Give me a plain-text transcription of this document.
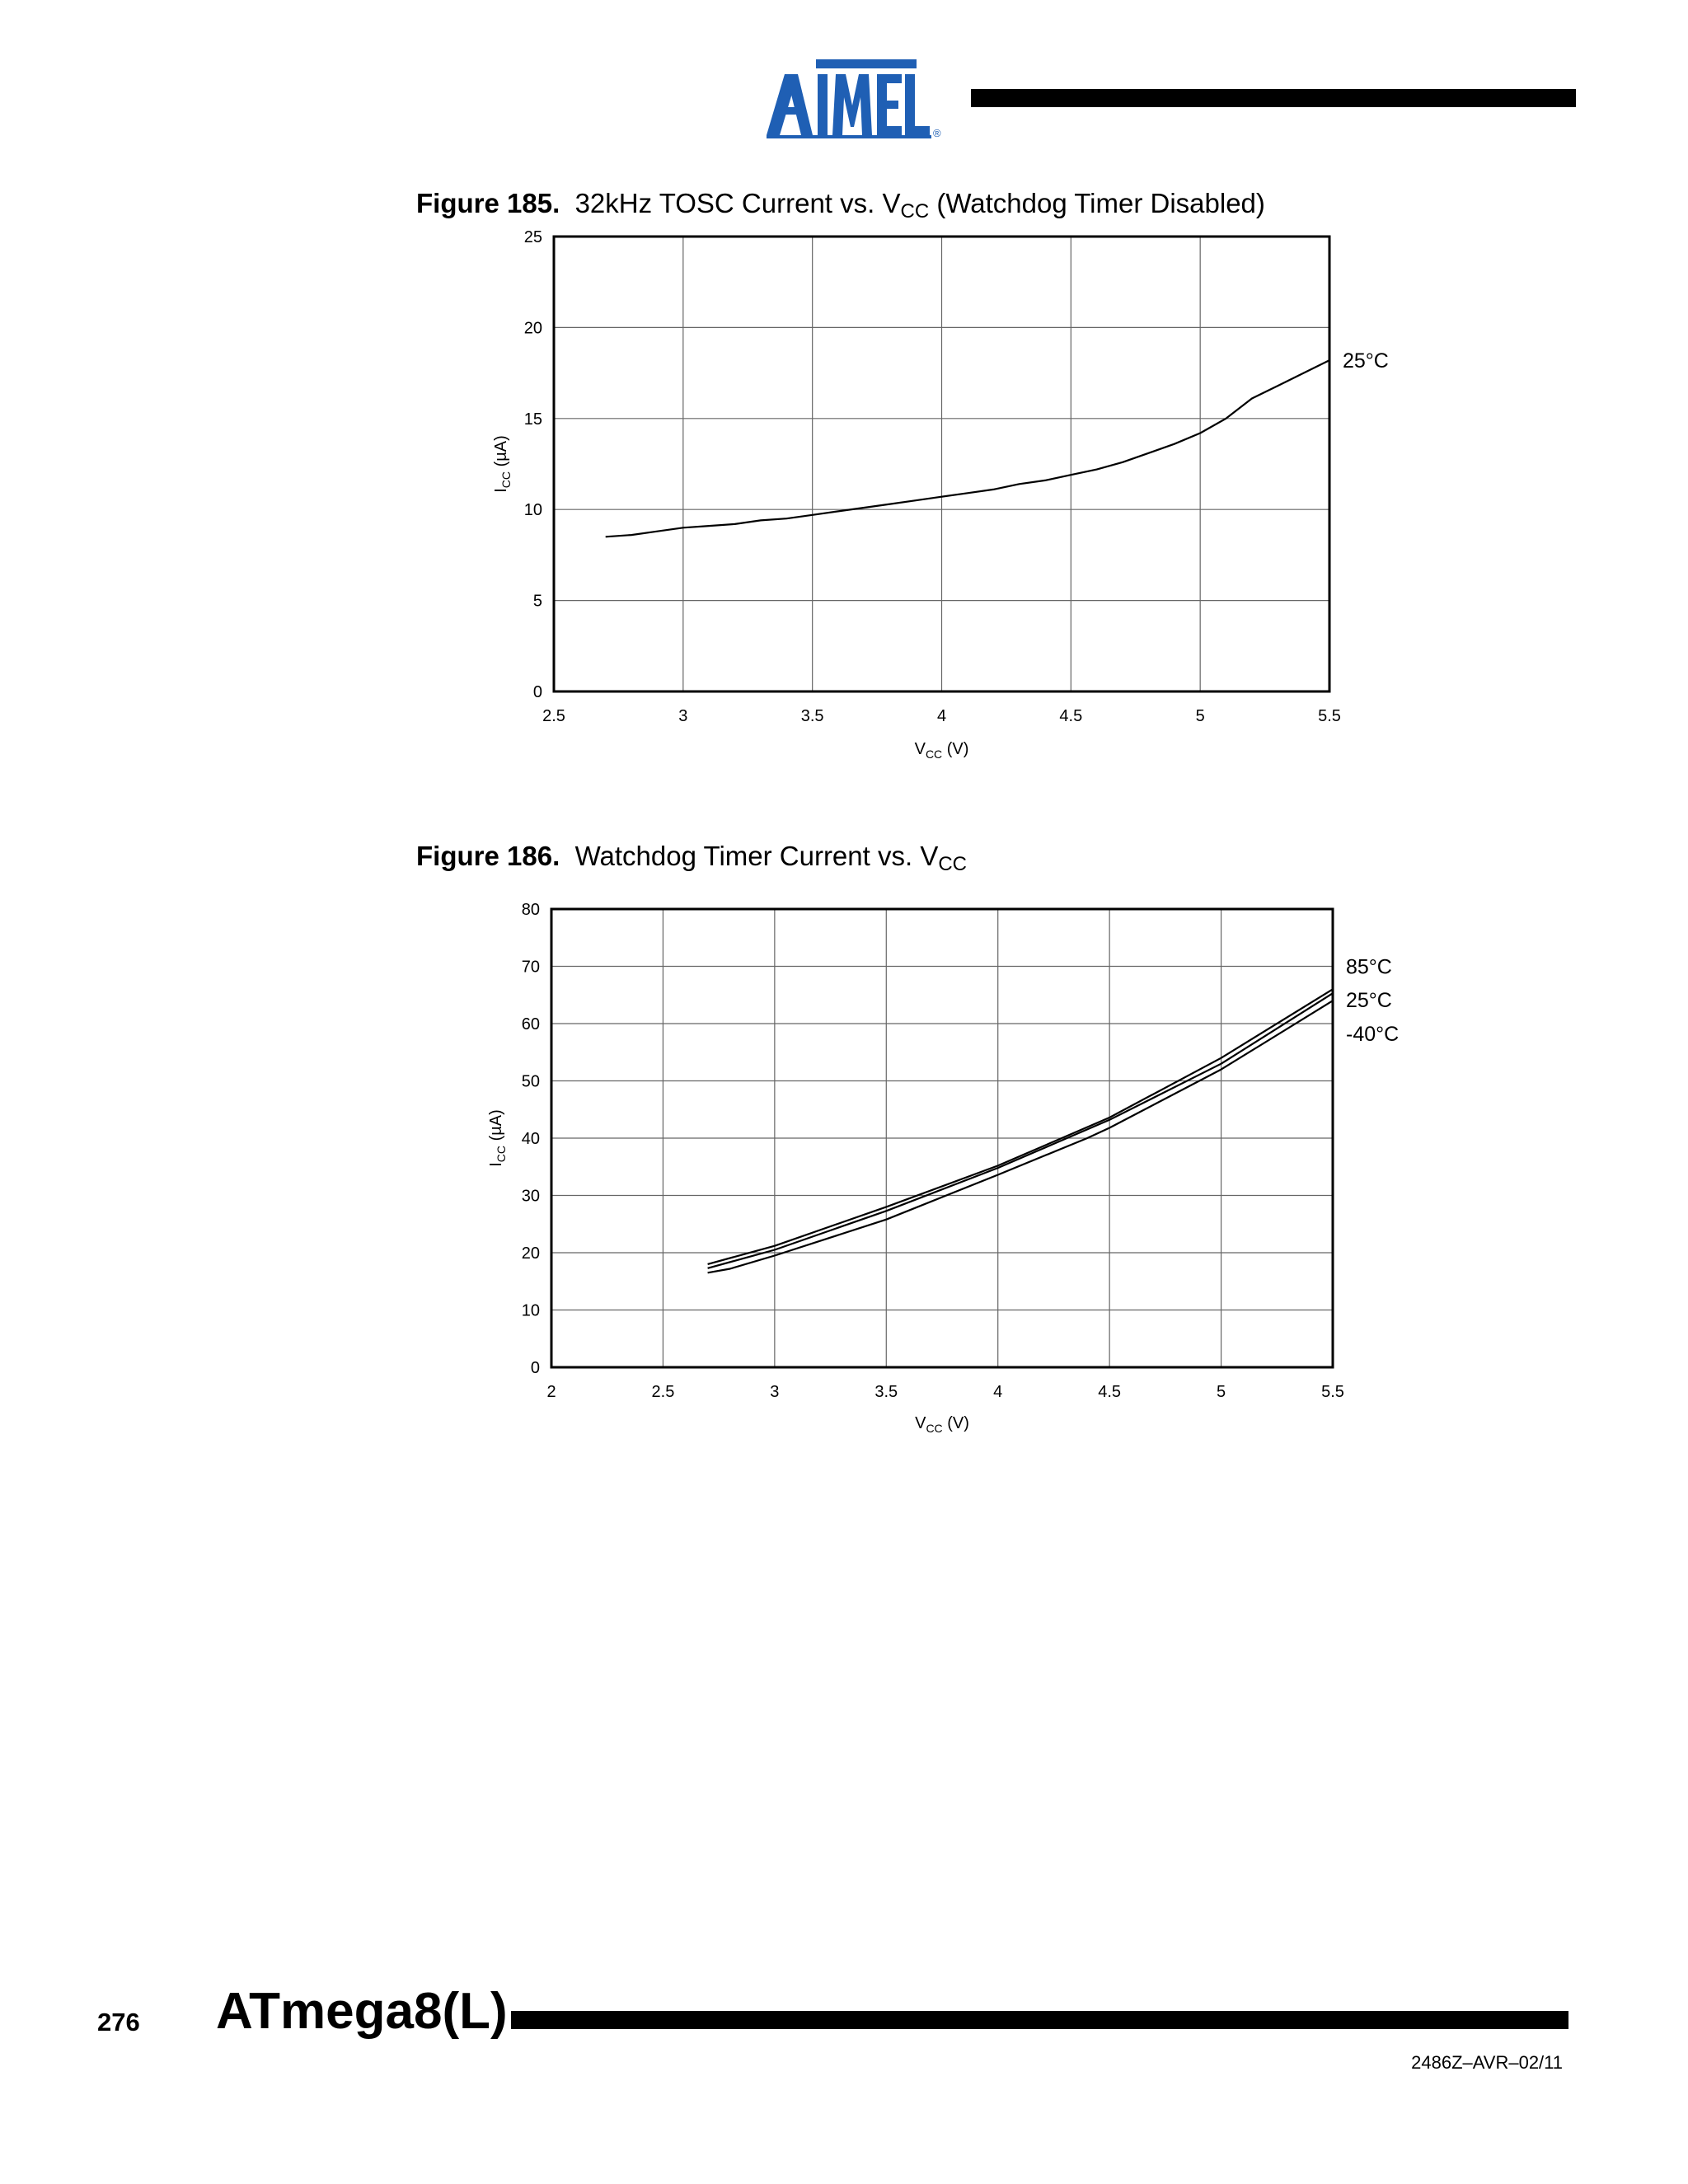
®
Figure 185. 32kHz TOSC Current vs. $V_{CC}$ (Watchdog Timer Disabled)
2.5	3	3.5	4	4.5	5	5.5
0
5
10
15
20
25
$V_{CC}$ (V)
$I_{CC}$ (µA)
25°C
Figure 186. Watchdog Timer Current vs. $V_{CC}$
2	2.5	3	3.5	4	4.5	5	5.5
0
10
20
30
40
50
60
70
80
$V_{CC}$ (V)
$I_{CC}$ (µA)
85°C
25°C
-40°C
276 ATmega8(L)
2486Z–AVR–02/11
